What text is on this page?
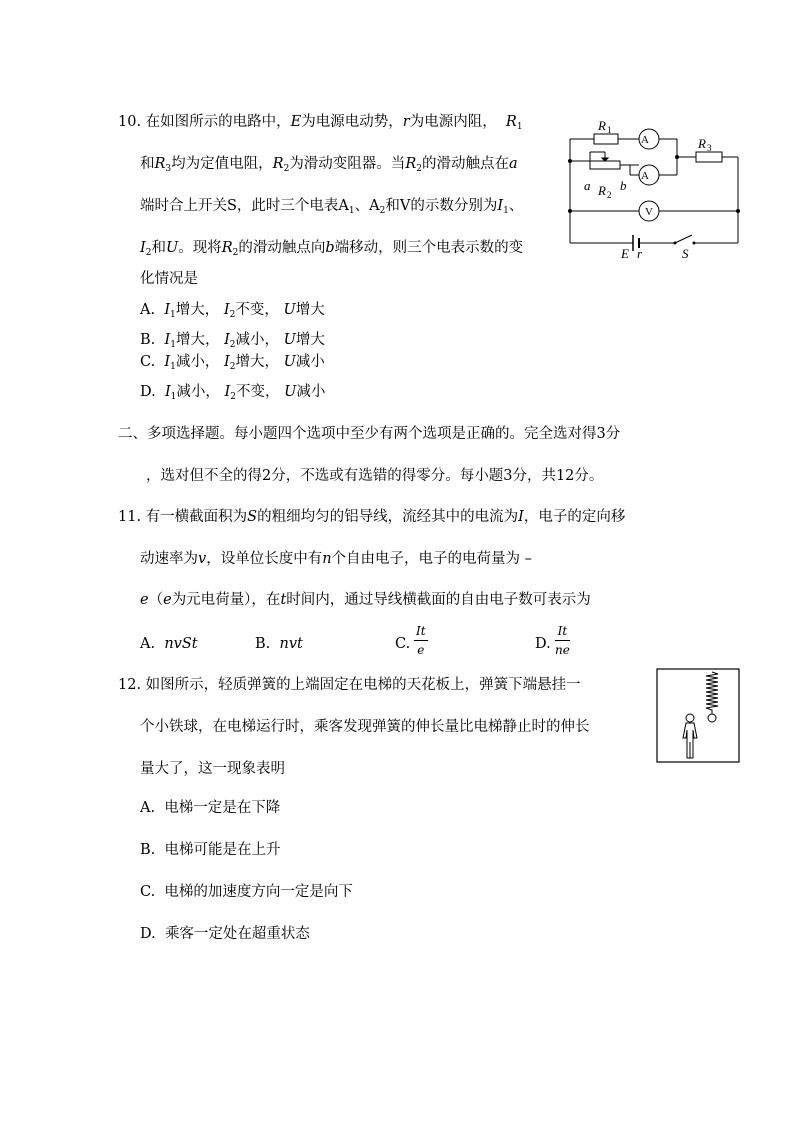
10. 在如图所示的电路中，E为电源电动势，r为电源内阻， $R_1$
和$R_3$均为定值电阻，$R_2$为滑动变阻器。当$R_2$的滑动触点在a
端时合上开关S，此时三个电表$A_1$、$A_2$和V的示数分别为$I_1$、
$I_2$和U。现将$R_2$的滑动触点向b端移动，则三个电表示数的变
化情况是
A. $I_1$增大， $I_2$不变， U增大
B. $I_1$增大， $I_2$减小， U增大
C. $I_1$减小， $I_2$增大， U减小
D. $I_1$减小， $I_2$不变， U减小
R 1
A
A
V
R 3
a R 2
b
E r	S
二、多项选择题。每小题四个选项中至少有两个选项是正确的。完全选对得3分
，选对但不全的得2分，不选或有选错的得零分。每小题3分，共12分。
11. 有一横截面积为S的粗细均匀的铝导线，流经其中的电流为I，电子的定向移
动速率为v，设单位长度中有n个自由电子，电子的电荷量为 –
e（e为元电荷量），在t时间内，通过导线横截面的自由电子数可表示为
A. nvSt	B. nvt	C.
It
e	D.
It
ne
12. 如图所示，轻质弹簧的上端固定在电梯的天花板上，弹簧下端悬挂一
个小铁球，在电梯运行时，乘客发现弹簧的伸长量比电梯静止时的伸长
量大了，这一现象表明
A. 电梯一定是在下降
B. 电梯可能是在上升
C. 电梯的加速度方向一定是向下
D. 乘客一定处在超重状态
